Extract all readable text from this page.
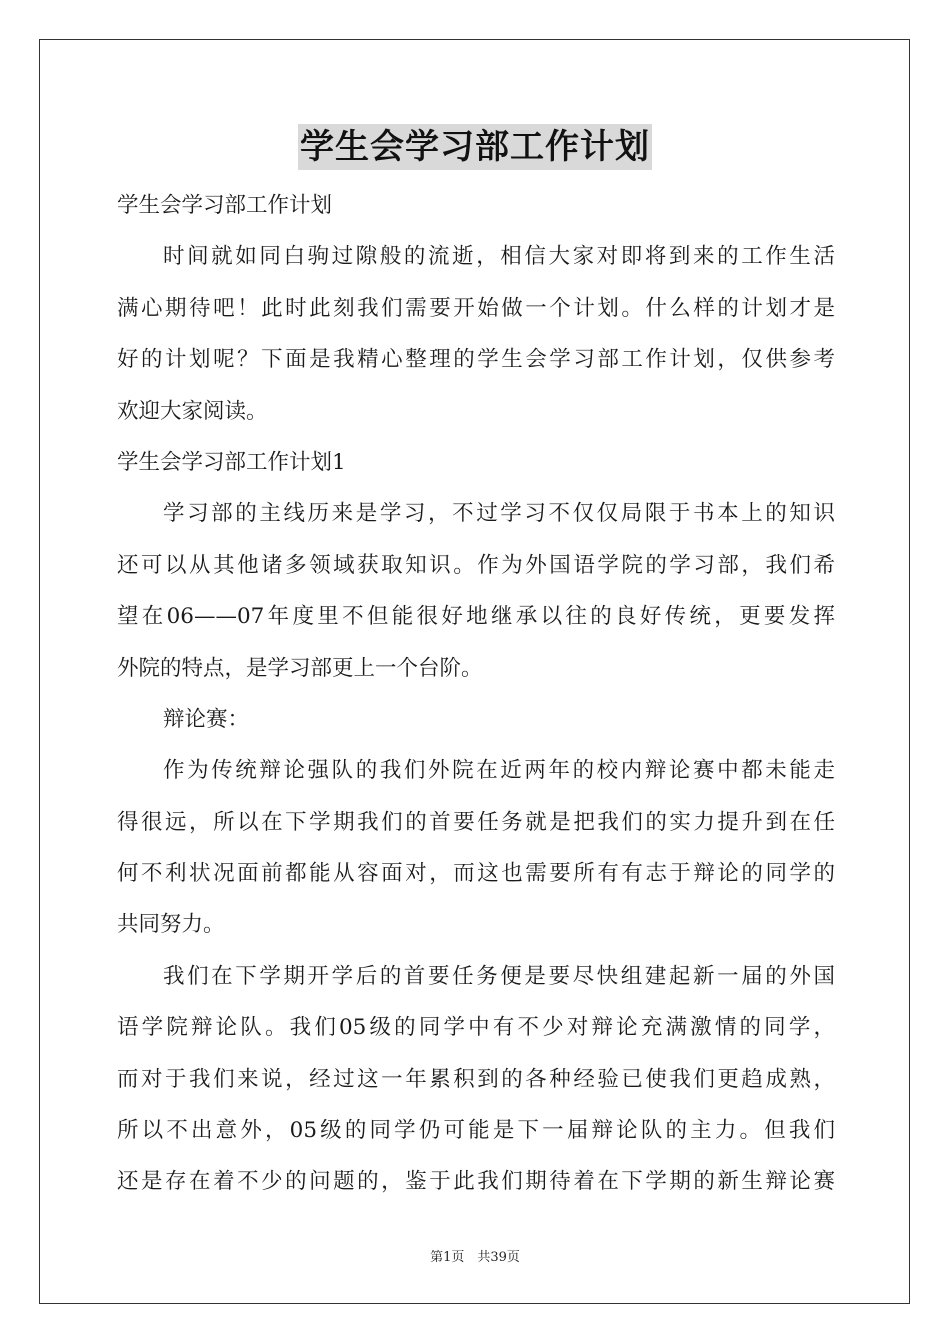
学生会学习部工作计划
学生会学习部工作计划
时间就如同白驹过隙般的流逝，相信大家对即将到来的工作生活
满心期待吧！此时此刻我们需要开始做一个计划。什么样的计划才是
好的计划呢？下面是我精心整理的学生会学习部工作计划，仅供参考
欢迎大家阅读。
学生会学习部工作计划1
学习部的主线历来是学习，不过学习不仅仅局限于书本上的知识
还可以从其他诸多领域获取知识。作为外国语学院的学习部，我们希
望在06——07年度里不但能很好地继承以往的良好传统，更要发挥
外院的特点，是学习部更上一个台阶。
辩论赛：
作为传统辩论强队的我们外院在近两年的校内辩论赛中都未能走
得很远，所以在下学期我们的首要任务就是把我们的实力提升到在任
何不利状况面前都能从容面对，而这也需要所有有志于辩论的同学的
共同努力。
我们在下学期开学后的首要任务便是要尽快组建起新一届的外国
语学院辩论队。我们05级的同学中有不少对辩论充满激情的同学，
而对于我们来说，经过这一年累积到的各种经验已使我们更趋成熟，
所以不出意外，05级的同学仍可能是下一届辩论队的主力。但我们
还是存在着不少的问题的，鉴于此我们期待着在下学期的新生辩论赛
第1页　共39页
